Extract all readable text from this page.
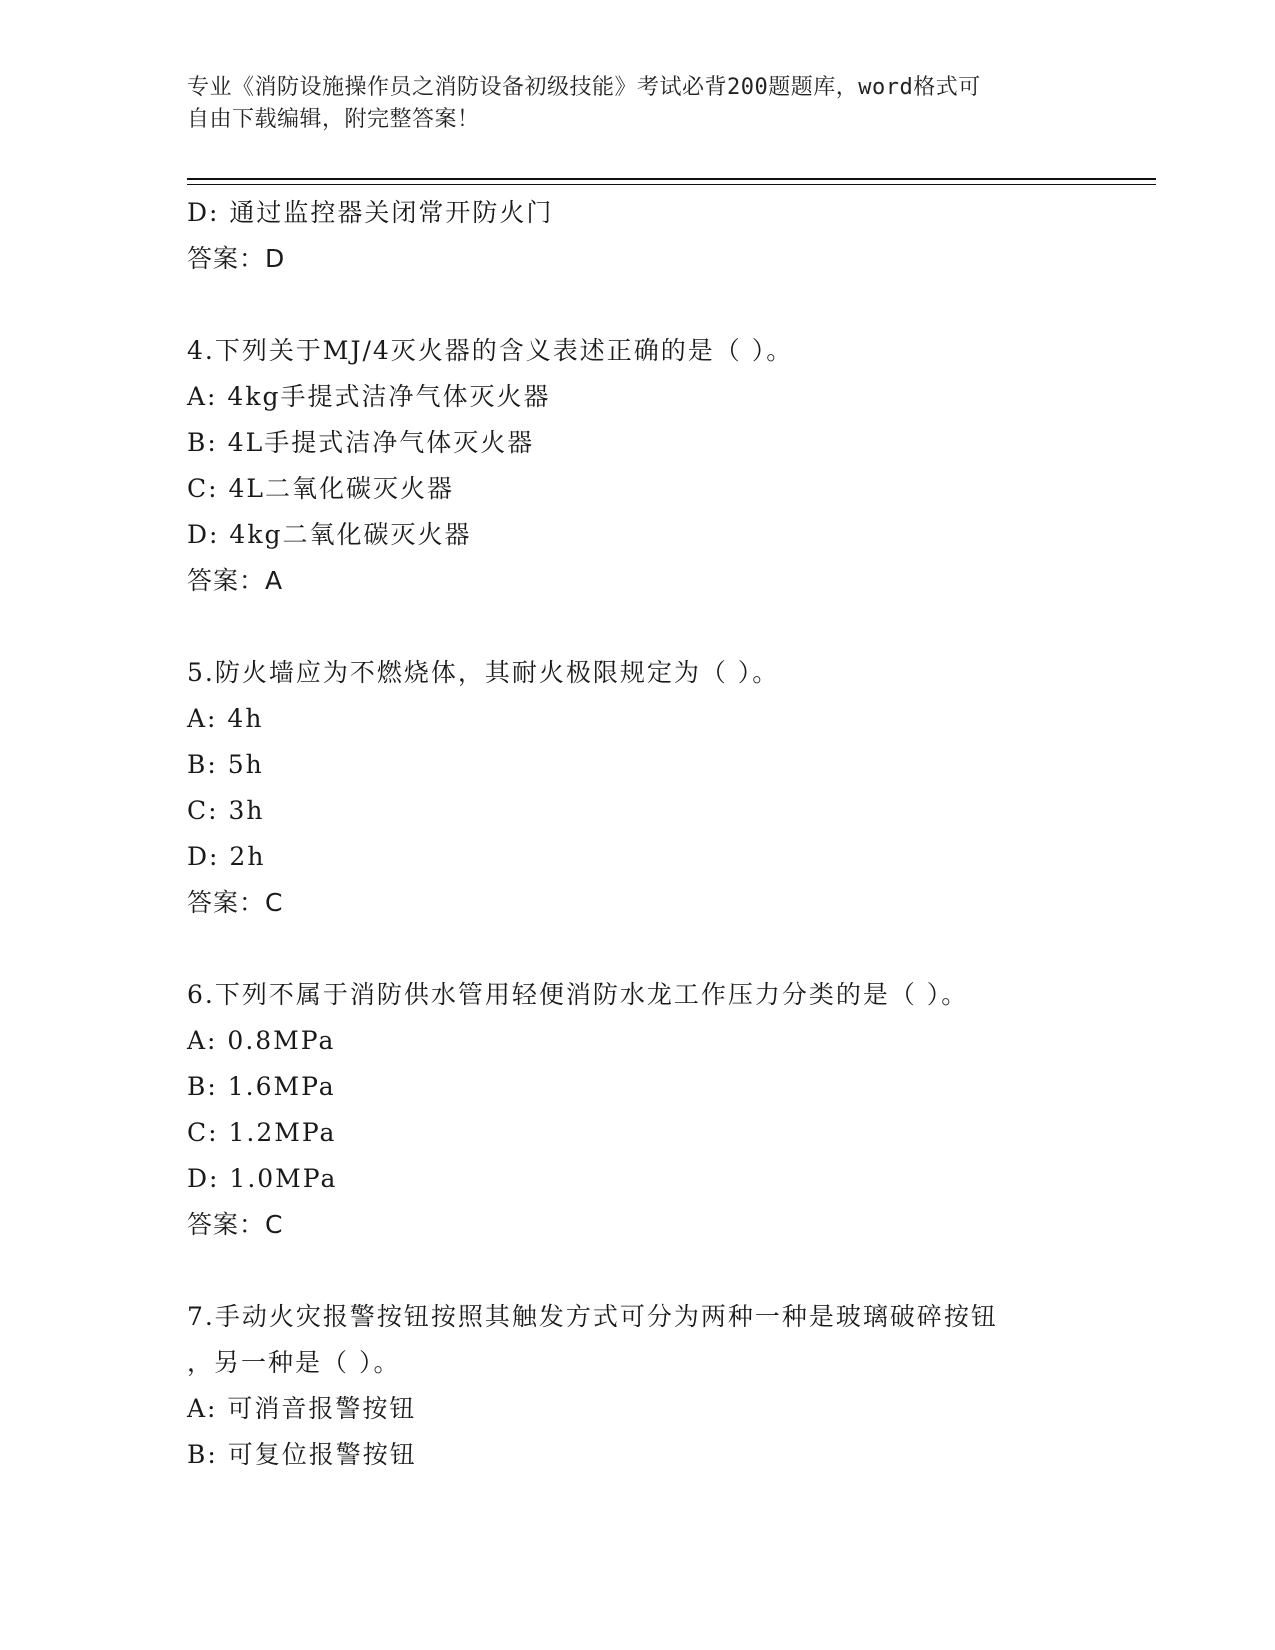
专业《消防设施操作员之消防设备初级技能》考试必背200题题库，word格式可
自由下载编辑，附完整答案！
D: 通过监控器关闭常开防火门
答案：D
4.下列关于MJ/4灭火器的含义表述正确的是（ ）。
A: 4kg手提式洁净气体灭火器
B: 4L手提式洁净气体灭火器
C: 4L二氧化碳灭火器
D: 4kg二氧化碳灭火器
答案：A
5.防火墙应为不燃烧体，其耐火极限规定为（ ）。
A: 4h
B: 5h
C: 3h
D: 2h
答案：C
6.下列不属于消防供水管用轻便消防水龙工作压力分类的是（ ）。
A: 0.8MPa
B: 1.6MPa
C: 1.2MPa
D: 1.0MPa
答案：C
7.手动火灾报警按钮按照其触发方式可分为两种一种是玻璃破碎按钮
，另一种是（ ）。
A: 可消音报警按钮
B: 可复位报警按钮
